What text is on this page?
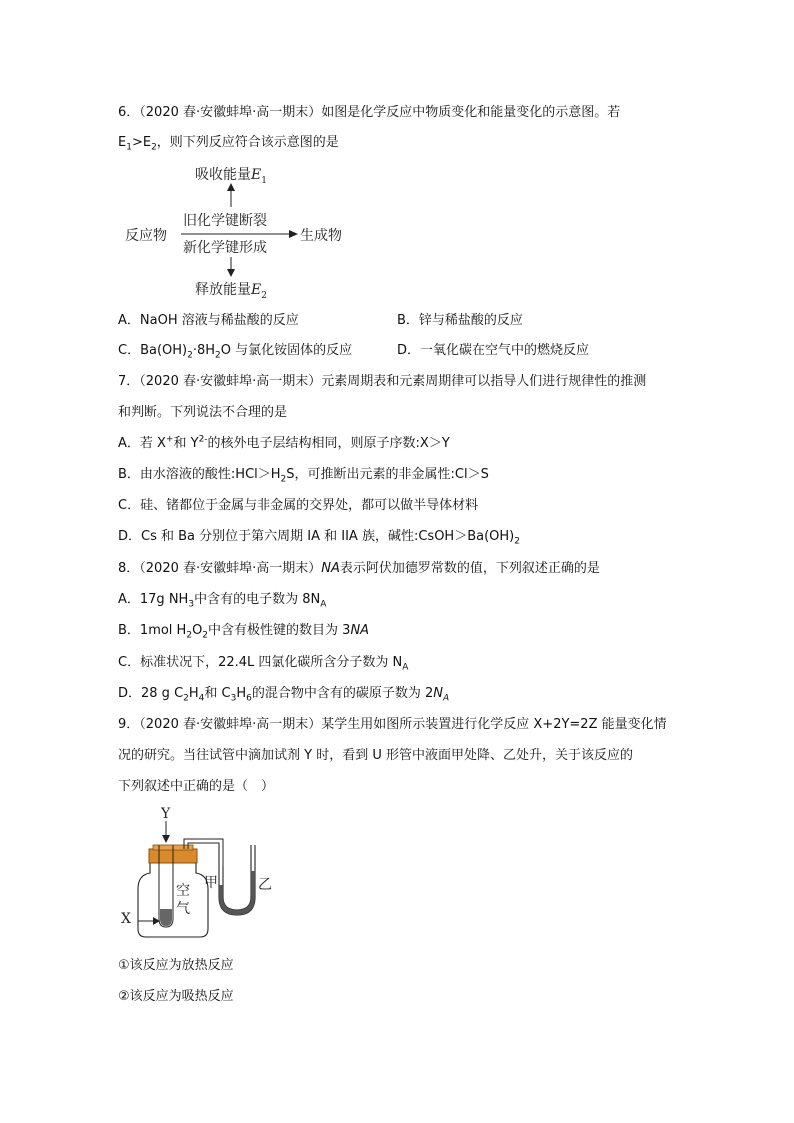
6．（2020 春·安徽蚌埠·高一期末）如图是化学反应中物质变化和能量变化的示意图。若
$E_1>E_2$，则下列反应符合该示意图的是
吸收能量$E_1$
反应物
旧化学键断裂
新化学键形成
生成物
释放能量$E_2$
A．NaOH 溶液与稀盐酸的反应	B．锌与稀盐酸的反应
C．$Ba(OH)_2\cdot 8H_2O$ 与氯化铵固体的反应	D．一氧化碳在空气中的燃烧反应
7．（2020 春·安徽蚌埠·高一期末）元素周期表和元素周期律可以指导人们进行规律性的推测
和判断。下列说法不合理的是
A．若 X+和 $Y^{2-}$的核外电子层结构相同，则原子序数:X＞Y
B．由水溶液的酸性$:HCl>H_2S$，可推断出元素的非金属性:Cl＞S
C．硅、锗都位于金属与非金属的交界处，都可以做半导体材料
D．Cs 和 Ba 分别位于第六周期 IA 和 IIA 族，碱性$:CsOH>Ba(OH)_2$
8．（2020 春·安徽蚌埠·高一期末）NA表示阿伏加德罗常数的值，下列叙述正确的是
A．17g $NH_3$中含有的电子数为 $8N_A$
B．1mol $H_2O_2$中含有极性键的数目为 3NA
C．标准状况下，22.4L 四氯化碳所含分子数为 $N_A$
D．28 g $C_2H_4$和 $C_3H_6$的混合物中含有的碳原子数为 $2N_A$
9．（2020 春·安徽蚌埠·高一期末）某学生用如图所示装置进行化学反应 X+2Y=2Z 能量变化情
况的研究。当往试管中滴加试剂 Y 时，看到 U 形管中液面甲处降、乙处升，关于该反应的
下列叙述中正确的是（　）
Y
X
空
气
甲	乙
①该反应为放热反应
②该反应为吸热反应
